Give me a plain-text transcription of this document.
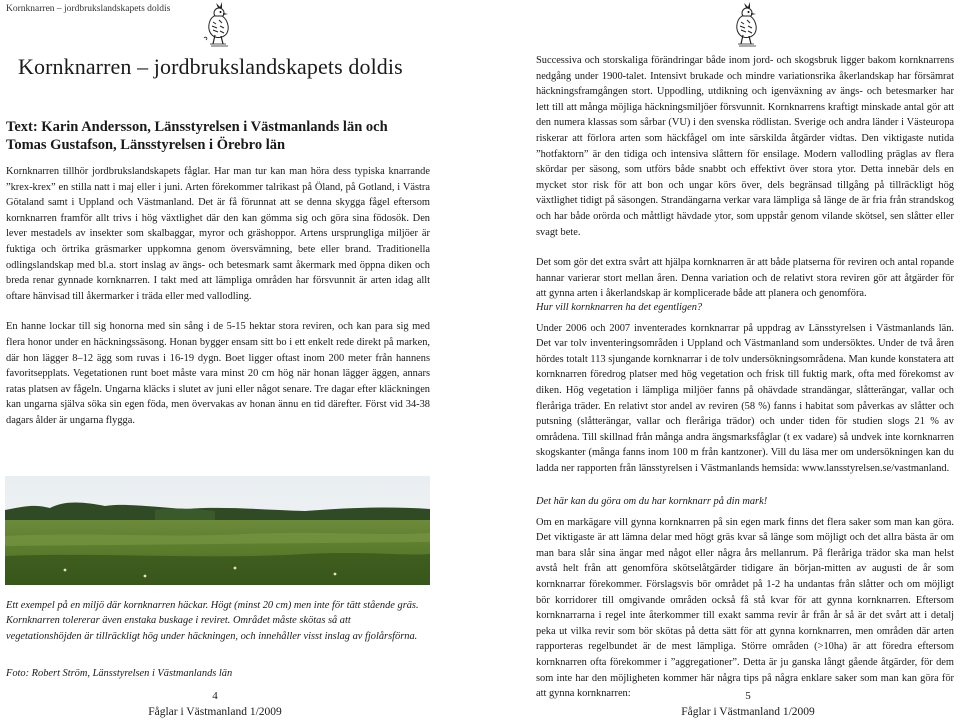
Kornknarren – jordbrukslandskapets doldis
Kornknarren – jordbrukslandskapets doldis
Text: Karin Andersson, Länsstyrelsen i Västmanlands län och
Tomas Gustafson, Länsstyrelsen i Örebro län

Kornknarren tillhör jordbrukslandskapets fåglar. Har man tur kan man höra dess typiska knarrande ”krex-krex” en stilla natt i maj eller i juni. Arten förekommer talrikast på Öland, på Gotland, i Västra Götaland samt i Uppland och Västmanland. Det är få förunnat att se denna skygga fågel eftersom kornknarren framför allt trivs i hög växtlighet där den kan gömma sig och göra sina födosök. Den lever mestadels av insekter som skalbaggar, myror och gräshoppor. Artens ursprungliga miljöer är fuktiga och örtrika gräsmarker uppkomna genom översvämning, bete eller brand. Traditionella odlingslandskap med bl.a. stort inslag av ängs- och betesmark samt åkermark med öppna diken och breda renar gynnade kornknarren. I takt med att lämpliga områden har försvunnit är arten idag allt oftare hänvisad till åkermarker i träda eller med vallodling.

En hanne lockar till sig honorna med sin sång i de 5-15 hektar stora reviren, och kan para sig med flera honor under en häckningssäsong. Honan bygger ensam sitt bo i ett enkelt rede direkt på marken, där hon lägger 8–12 ägg som ruvas i 16-19 dygn. Boet ligger oftast inom 200 meter från hannens favoritsepplats. Vegetationen runt boet måste vara minst 20 cm hög när honan lägger äggen, annars ratas platsen av fågeln. Ungarna kläcks i slutet av juni eller något senare. Tre dagar efter kläckningen kan ungarna själva söka sin egen föda, men övervakas av honan ännu en tid därefter. Först vid 34-38 dagars ålder är ungarna flygga.

Ett exempel på en miljö där kornknarren häckar. Högt (minst 20 cm) men inte för tätt stående gräs. Kornknarren tolererar även enstaka buskage i reviret. Området måste skötas så att vegetationshöjden är tillräckligt hög under häckningen, och innehåller visst inslag av fjolårsförna.
Foto: Robert Ström, Länsstyrelsen i Västmanlands län
4
Fåglar i Västmanland 1/2009

Successiva och storskaliga förändringar både inom jord- och skogsbruk ligger bakom kornknarrens nedgång under 1900-talet. Intensivt brukade och mindre variationsrika åkerlandskap har försämrat häckningsframgången stort. Uppodling, utdikning och igenväxning av ängs- och betesmarker har lett till att många möjliga häckningsmiljöer försvunnit. Kornknarrens kraftigt minskade antal gör att den numera klassas som sårbar (VU) i den svenska rödlistan. Sverige och andra länder i Västeuropa riskerar att förlora arten som häckfågel om inte särskilda åtgärder vidtas. Den viktigaste nutida ”hotfaktorn” är den tidiga och intensiva slåttern för ensilage. Modern vallodling präglas av flera skördar per säsong, som utförs både snabbt och effektivt över stora ytor. Detta innebär dels en mycket stor risk för att bon och ungar körs över, dels begränsad tillgång på tillräckligt hög växtlighet tidigt på säsongen. Strandängarna verkar vara lämpliga så länge de är fria från strandskog och har både orörda och måttligt hävdade ytor, som uppstår genom vilande skötsel, sen slåtter eller svagt bete.

Det som gör det extra svårt att hjälpa kornknarren är att både platserna för reviren och antal ropande hannar varierar stort mellan åren. Denna variation och de relativt stora reviren gör att åtgärder för att gynna arten i åkerlandskap är komplicerade både att planera och genomföra.

Hur vill kornknarren ha det egentligen?

Under 2006 och 2007 inventerades kornknarrar på uppdrag av Länsstyrelsen i Västmanlands län. Det var tolv inventeringsområden i Uppland och Västmanland som undersöktes. Under de två åren hördes totalt 113 sjungande kornknarrar i de tolv undersökningsområdena. Man kunde konstatera att kornknarren föredrog platser med hög vegetation och frisk till fuktig mark, ofta med förekomst av diken. Hög vegetation i lämpliga miljöer fanns på ohävdade strandängar, slåtterängar, vallar och fleråriga träder. En relativt stor andel av reviren (58 %) fanns i habitat som påverkas av slåtter och putsning (slåtterängar, vallar och fleråriga trädor) och under tiden för studien slogs 21 % av områdena. Till skillnad från många andra ängsmarksfåglar (t ex vadare) så undvek inte kornknarren skogskanter (många fanns inom 100 m från kantzoner). Vill du läsa mer om undersökningen kan du ladda ner rapporten från länsstyrelsen i Västmanlands hemsida: www.lansstyrelsen.se/vastmanland.

Det här kan du göra om du har kornknarr på din mark!

Om en markägare vill gynna kornknarren på sin egen mark finns det flera saker som man kan göra. Det viktigaste är att lämna delar med högt gräs kvar så länge som möjligt och det allra bästa är om man bara slår sina ängar med något eller några års mellanrum. På fleråriga trädor ska man helst avstå helt från att genomföra skötselåtgärder tidigare än början-mitten av augusti de år som kornknarrar förekommer. Förslagsvis bör området på 1-2 ha undantas från slåtter och om möjligt bör korridorer till omgivande områden också få stå kvar för att gynna kornknarren. Eftersom kornknarrarna i regel inte återkommer till exakt samma revir år från år så är det svårt att i detalj peka ut vilka revir som bör skötas på detta sätt för att gynna kornknarren, men områden där arten rapporteras regelbundet är de mest lämpliga. Större områden (>10ha) är att föredra eftersom kornknarren ofta förekommer i ”aggregationer”. Detta är ju ganska långt gående åtgärder, för dem som inte har den möjligheten kommer här några tips på några enklare saker som man kan göra för att gynna kornknarren:	5
Fåglar i Västmanland 1/2009
